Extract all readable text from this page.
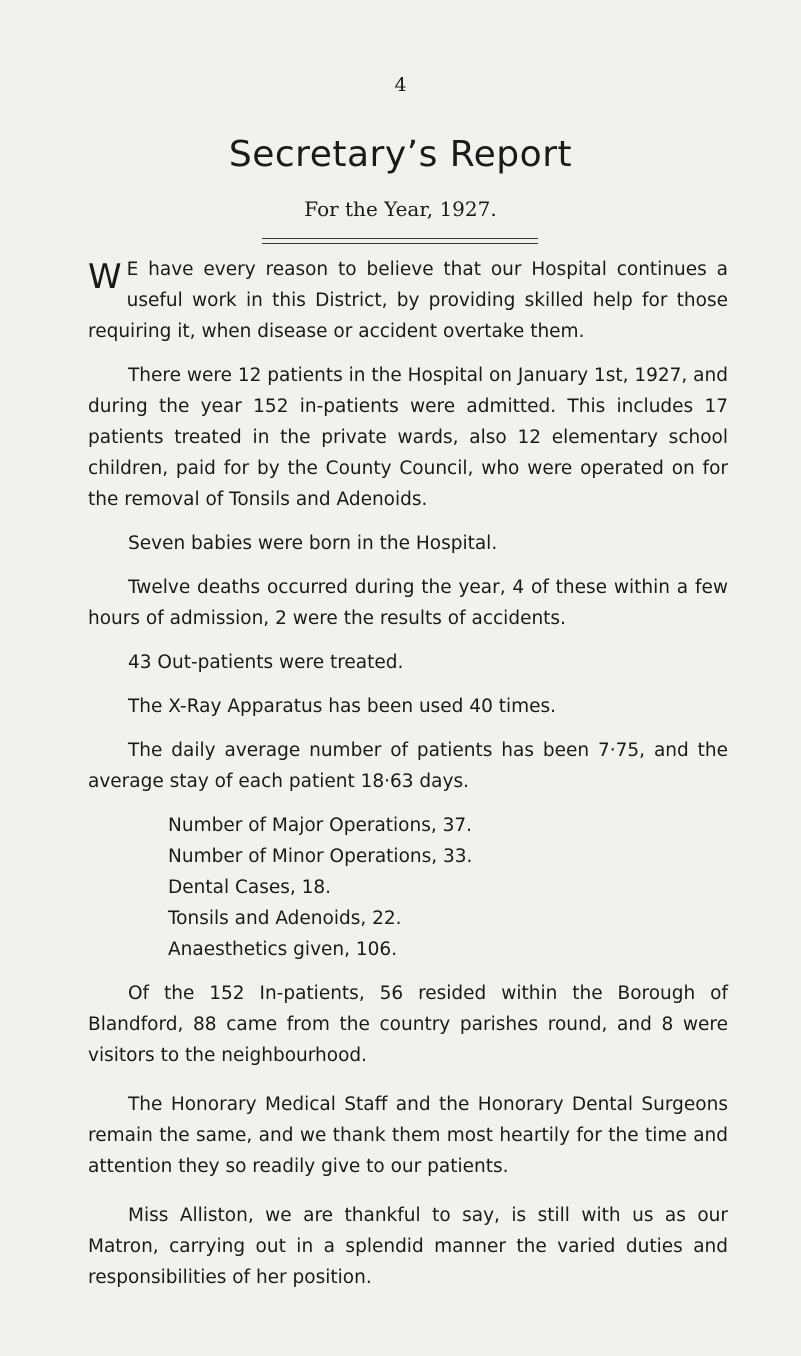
4
Secretary’s Report
For the Year, 1927.

W E have every reason to believe that our Hospital continues a useful work in this District, by providing skilled help for those requiring it, when disease or accident overtake them.

There were 12 patients in the Hospital on January 1st, 1927, and during the year 152 in-patients were admitted. This includes 17 patients treated in the private wards, also 12 elementary school children, paid for by the County Council, who were operated on for the removal of Tonsils and Adenoids.

Seven babies were born in the Hospital.

Twelve deaths occurred during the year, 4 of these within a few hours of admission, 2 were the results of accidents.

43 Out-patients were treated.

The X-Ray Apparatus has been used 40 times.

The daily average number of patients has been 7·75, and the average stay of each patient 18·63 days.

Number of Major Operations, 37.

Number of Minor Operations, 33.

Dental Cases, 18.

Tonsils and Adenoids, 22.

Anaesthetics given, 106.

Of the 152 In-patients, 56 resided within the Borough of Blandford, 88 came from the country parishes round, and 8 were visitors to the neighbourhood.

The Honorary Medical Staff and the Honorary Dental Surgeons remain the same, and we thank them most heartily for the time and attention they so readily give to our patients.

Miss Alliston, we are thankful to say, is still with us as our Matron, carrying out in a splendid manner the varied duties and responsibilities of her position.
